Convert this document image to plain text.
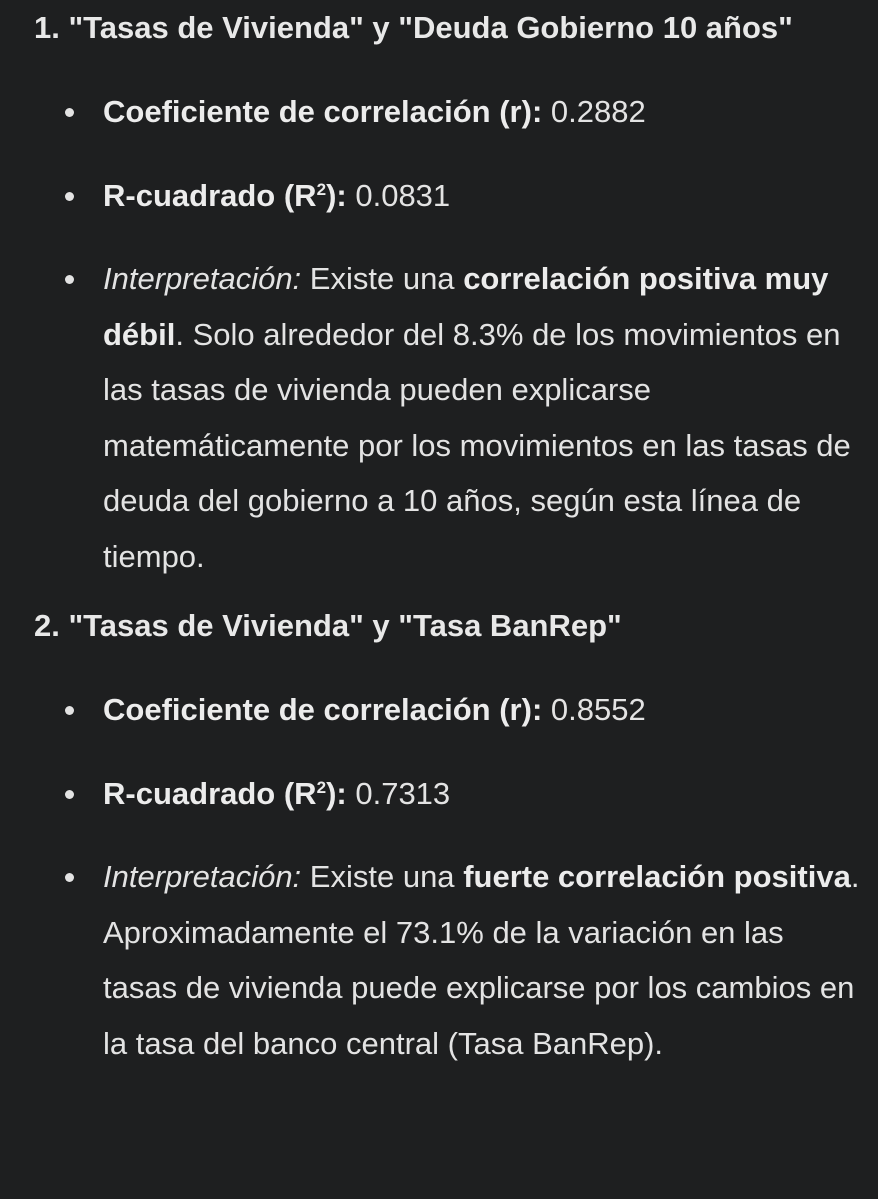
1. "Tasas de Vivienda" y "Deuda Gobierno 10 años"
Coeficiente de correlación (r): 0.2882
R-cuadrado $(R^2)$: 0.0831
Interpretación: Existe una correlación positiva muy débil. Solo alrededor del 8.3% de los movimientos en las tasas de vivienda pueden explicarse matemáticamente por los movimientos en las tasas de deuda del gobierno a 10 años, según esta línea de tiempo.
2. "Tasas de Vivienda" y "Tasa BanRep"
Coeficiente de correlación (r): 0.8552
R-cuadrado $(R^2)$: 0.7313
Interpretación: Existe una fuerte correlación positiva. Aproximadamente el 73.1% de la variación en las tasas de vivienda puede explicarse por los cambios en la tasa del banco central (Tasa BanRep).
